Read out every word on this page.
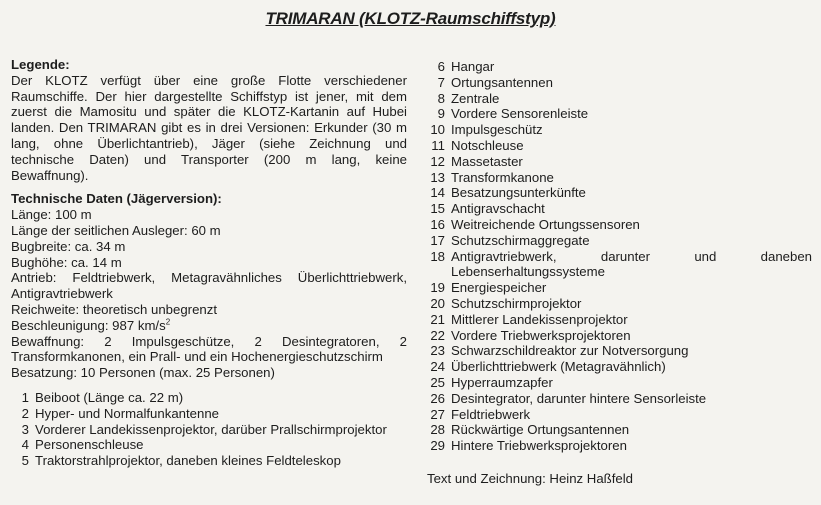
TRIMARAN (KLOTZ-Raumschiffstyp)
Legende:

Der KLOTZ verfügt über eine große Flotte verschiedener Raumschiffe. Der hier dargestellte Schiffstyp ist jener, mit dem zuerst die Mamositu und später die KLOTZ-Kartanin auf Hubei landen. Den TRIMARAN gibt es in drei Versionen: Erkunder (30 m lang, ohne Überlichtantrieb), Jäger (siehe Zeichnung und technische Daten) und Transporter (200 m lang, keine Bewaffnung).

Technische Daten (Jägerversion):
Länge: 100 m
Länge der seitlichen Ausleger: 60 m
Bugbreite: ca. 34 m
Bughöhe: ca. 14 m

Antrieb: Feldtriebwerk, Metagravähnliches Überlichttriebwerk, Antigravtriebwerk

Reichweite: theoretisch unbegrenzt
Beschleunigung: 987 $km/s^2$

Bewaffnung: 2 Impulsgeschütze, 2 Desintegratoren, 2 Transformkanonen, ein Prall- und ein Hochenergieschutzschirm

Besatzung: 10 Personen (max. 25 Personen)
1 Beiboot (Länge ca. 22 m)
2 Hyper- und Normalfunkantenne
3 Vorderer Landekissenprojektor, darüber Prallschirmprojektor
4 Personenschleuse
5 Traktorstrahlprojektor, daneben kleines Feldteleskop
6 Hangar
7 Ortungsantennen
8 Zentrale
9 Vordere Sensorenleiste
10 Impulsgeschütz
11 Notschleuse
12 Massetaster
13 Transformkanone
14 Besatzungsunterkünfte
15 Antigravschacht
16 Weitreichende Ortungssensoren
17 Schutzschirmaggregate
18 Antigravtriebwerk, darunter und daneben Lebenserhaltungssysteme
19 Energiespeicher
20 Schutzschirmprojektor
21 Mittlerer Landekissenprojektor
22 Vordere Triebwerksprojektoren
23 Schwarzschildreaktor zur Notversorgung
24 Überlichttriebwerk (Metagravähnlich)
25 Hyperraumzapfer
26 Desintegrator, darunter hintere Sensorleiste
27 Feldtriebwerk
28 Rückwärtige Ortungsantennen
29 Hintere Triebwerksprojektoren
Text und Zeichnung: Heinz Haßfeld
